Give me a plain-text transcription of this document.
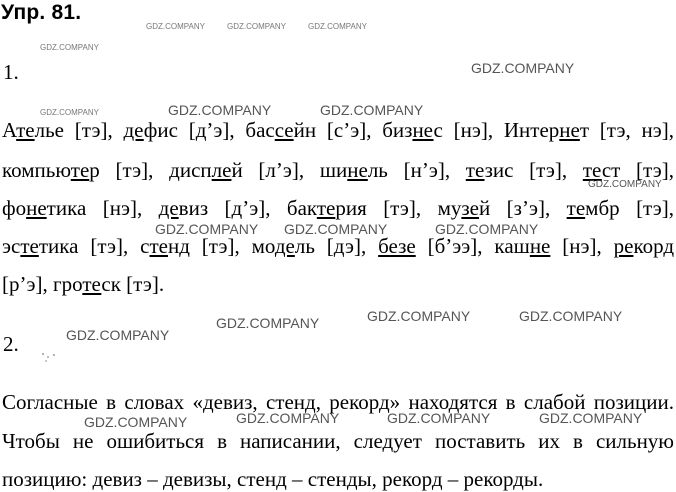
Упр. 81.
1.
Ателье [тэ], дефис [д’э], бассейн [с’э], бизнес [нэ], Интернет [тэ, нэ],
компьютер [тэ], дисплей [л’э], шинель [н’э], тезис [тэ], тест [тэ],
фонетика [нэ], девиз [д’э], бактерия [тэ], музей [з’э], тембр [тэ],
эстетика [тэ], стенд [тэ], модель [дэ], безе [б’ээ], кашне [нэ], рекорд
[р’э], гротеск [тэ].
2.
Согласные в словах «девиз, стенд, рекорд» находятся в слабой позиции.
Чтобы не ошибиться в написании, следует поставить их в сильную
позицию: девиз – девизы, стенд – стенды, рекорд – рекорды.
GDZ.COMPANY	GDZ.COMPANY	GDZ.COMPANY
GDZ.COMPANY
GDZ.COMPANY
GDZ.COMPANY	GDZ.COMPANY	GDZ.COMPANY
GDZ.COMPANY
GDZ.COMPANY GDZ.COMPANY	GDZ.COMPANY
GDZ.COMPANY
GDZ.COMPANY	GDZ.COMPANY	GDZ.COMPANY
GDZ.COMPANY	GDZ.COMPANY	GDZ.COMPANY	GDZ.COMPANY
